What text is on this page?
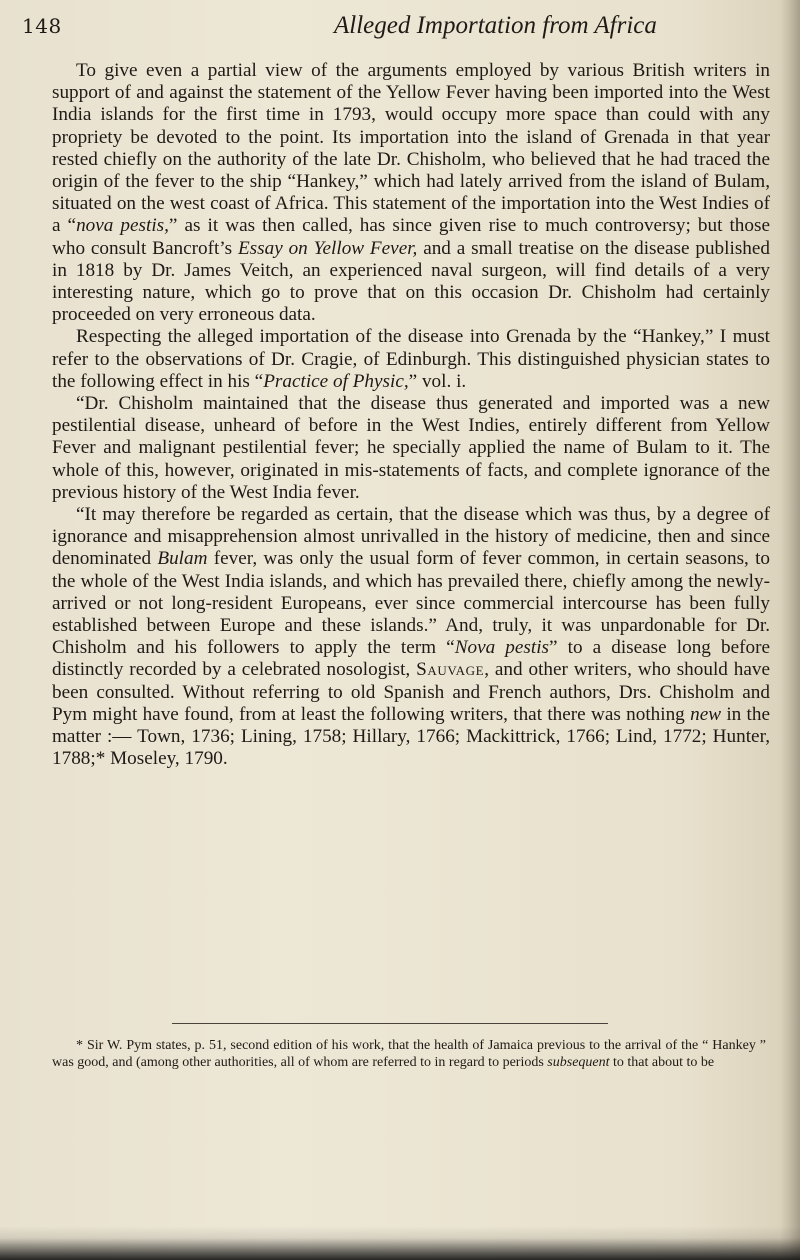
148	Alleged Importation from Africa

To give even a partial view of the arguments employed by various British writers in support of and against the statement of the Yellow Fever having been imported into the West India islands for the first time in 1793, would occupy more space than could with any propriety be devoted to the point. Its importation into the island of Grenada in that year rested chiefly on the authority of the late Dr. Chisholm, who believed that he had traced the origin of the fever to the ship “Hankey,” which had lately arrived from the island of Bulam, situated on the west coast of Africa. This statement of the importation into the West Indies of a “nova pestis,” as it was then called, has since given rise to much controversy; but those who consult Bancroft’s Essay on Yellow Fever, and a small treatise on the disease published in 1818 by Dr. James Veitch, an experienced naval surgeon, will find details of a very interesting nature, which go to prove that on this occasion Dr. Chisholm had certainly proceeded on very erroneous data.

Respecting the alleged importation of the disease into Grenada by the “Hankey,” I must refer to the observations of Dr. Cragie, of Edinburgh. This distinguished physician states to the following effect in his “Practice of Physic,” vol. i.

“Dr. Chisholm maintained that the disease thus generated and imported was a new pestilential disease, unheard of before in the West Indies, entirely different from Yellow Fever and malignant pestilential fever; he specially applied the name of Bulam to it. The whole of this, however, originated in mis-statements of facts, and complete ignorance of the previous history of the West India fever.

“It may therefore be regarded as certain, that the disease which was thus, by a degree of ignorance and misapprehension almost unrivalled in the history of medicine, then and since denominated Bulam fever, was only the usual form of fever common, in certain seasons, to the whole of the West India islands, and which has prevailed there, chiefly among the newly-arrived or not long-resident Europeans, ever since commercial intercourse has been fully established between Europe and these islands.” And, truly, it was unpardonable for Dr. Chisholm and his followers to apply the term “Nova pestis” to a disease long before distinctly recorded by a celebrated nosologist, Sauvage, and other writers, who should have been consulted. Without referring to old Spanish and French authors, Drs. Chisholm and Pym might have found, from at least the following writers, that there was nothing new in the matter :— Town, 1736; Lining, 1758; Hillary, 1766; Mackittrick, 1766; Lind, 1772; Hunter, 1788;* Moseley, 1790.

* Sir W. Pym states, p. 51, second edition of his work, that the health of Jamaica previous to the arrival of the “ Hankey ” was good, and (among other authorities, all of whom are referred to in regard to periods subsequent to that about to be
